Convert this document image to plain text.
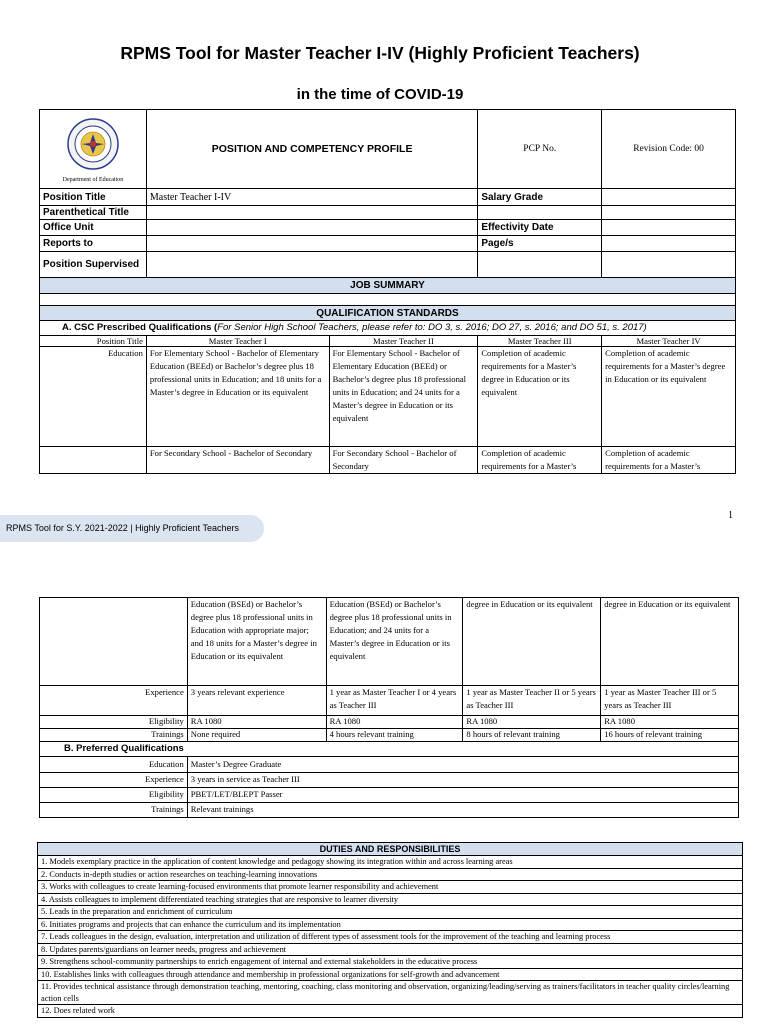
RPMS Tool for Master Teacher I-IV (Highly Proficient Teachers)
in the time of COVID-19
Department of Education	POSITION AND COMPETENCY PROFILE		PCP No.	Revision Code: 00
Position Title	Master Teacher I-IV		Salary Grade	
Parenthetical Title				
Office Unit			Effectivity Date	
Reports to			Page/s	
Position Supervised				
JOB SUMMARY				

QUALIFICATION STANDARDS				
A. CSC Prescribed Qualifications (For Senior High School Teachers, please refer to: DO 3, s. 2016; DO 27, s. 2016; and DO 51, s. 2017)				
Position Title	Master Teacher I	Master Teacher II	Master Teacher III	Master Teacher IV
Education	For Elementary School - Bachelor of Elementary Education (BEEd) or Bachelor’s degree plus 18 professional units in Education; and 18 units for a Master’s degree in Education or its equivalent	For Elementary School - Bachelor of Elementary Education (BEEd) or Bachelor’s degree plus 18 professional units in Education; and 24 units for a Master’s degree in Education or its equivalent	Completion of academic requirements for a Master’s degree in Education or its equivalent	Completion of academic requirements for a Master’s degree in Education or its equivalent
	For Secondary School - Bachelor of Secondary	For Secondary School - Bachelor of Secondary	Completion of academic requirements for a Master’s	Completion of academic requirements for a Master’s
1
RPMS Tool for S.Y. 2021-2022 | Highly Proficient Teachers
	Education (BSEd) or Bachelor’s degree plus 18 professional units in Education with appropriate major; and 18 units for a Master’s degree in Education or its equivalent	Education (BSEd) or Bachelor’s degree plus 18 professional units in Education; and 24 units for a Master’s degree in Education or its equivalent	degree in Education or its equivalent	degree in Education or its equivalent
Experience	3 years relevant experience	1 year as Master Teacher I or 4 years as Teacher III	1 year as Master Teacher II or 5 years as Teacher III	1 year as Master Teacher III or 5 years as Teacher III
Eligibility	RA 1080	RA 1080	RA 1080	RA 1080
Trainings	None required	4 hours relevant training	8 hours of relevant training	16 hours of relevant training
B. Preferred Qualifications				
Education	Master’s Degree Graduate			
Experience	3 years in service as Teacher III			
Eligibility	PBET/LET/BLEPT Passer			
Trainings	Relevant trainings			
DUTIES AND RESPONSIBILITIES
1. Models exemplary practice in the application of content knowledge and pedagogy showing its integration within and across learning areas
2. Conducts in-depth studies or action researches on teaching-learning innovations
3. Works with colleagues to create learning-focused environments that promote learner responsibility and achievement
4. Assists colleagues to implement differentiated teaching strategies that are responsive to learner diversity
5. Leads in the preparation and enrichment of curriculum
6. Initiates programs and projects that can enhance the curriculum and its implementation
7. Leads colleagues in the design, evaluation, interpretation and utilization of different types of assessment tools for the improvement of the teaching and learning process
8. Updates parents/guardians on learner needs, progress and achievement
9. Strengthens school-community partnerships to enrich engagement of internal and external stakeholders in the educative process
10. Establishes links with colleagues through attendance and membership in professional organizations for self-growth and advancement
11. Provides technical assistance through demonstration teaching, mentoring, coaching, class monitoring and observation, organizing/leading/serving as trainers/facilitators in teacher quality circles/learning action cells
12. Does related work
